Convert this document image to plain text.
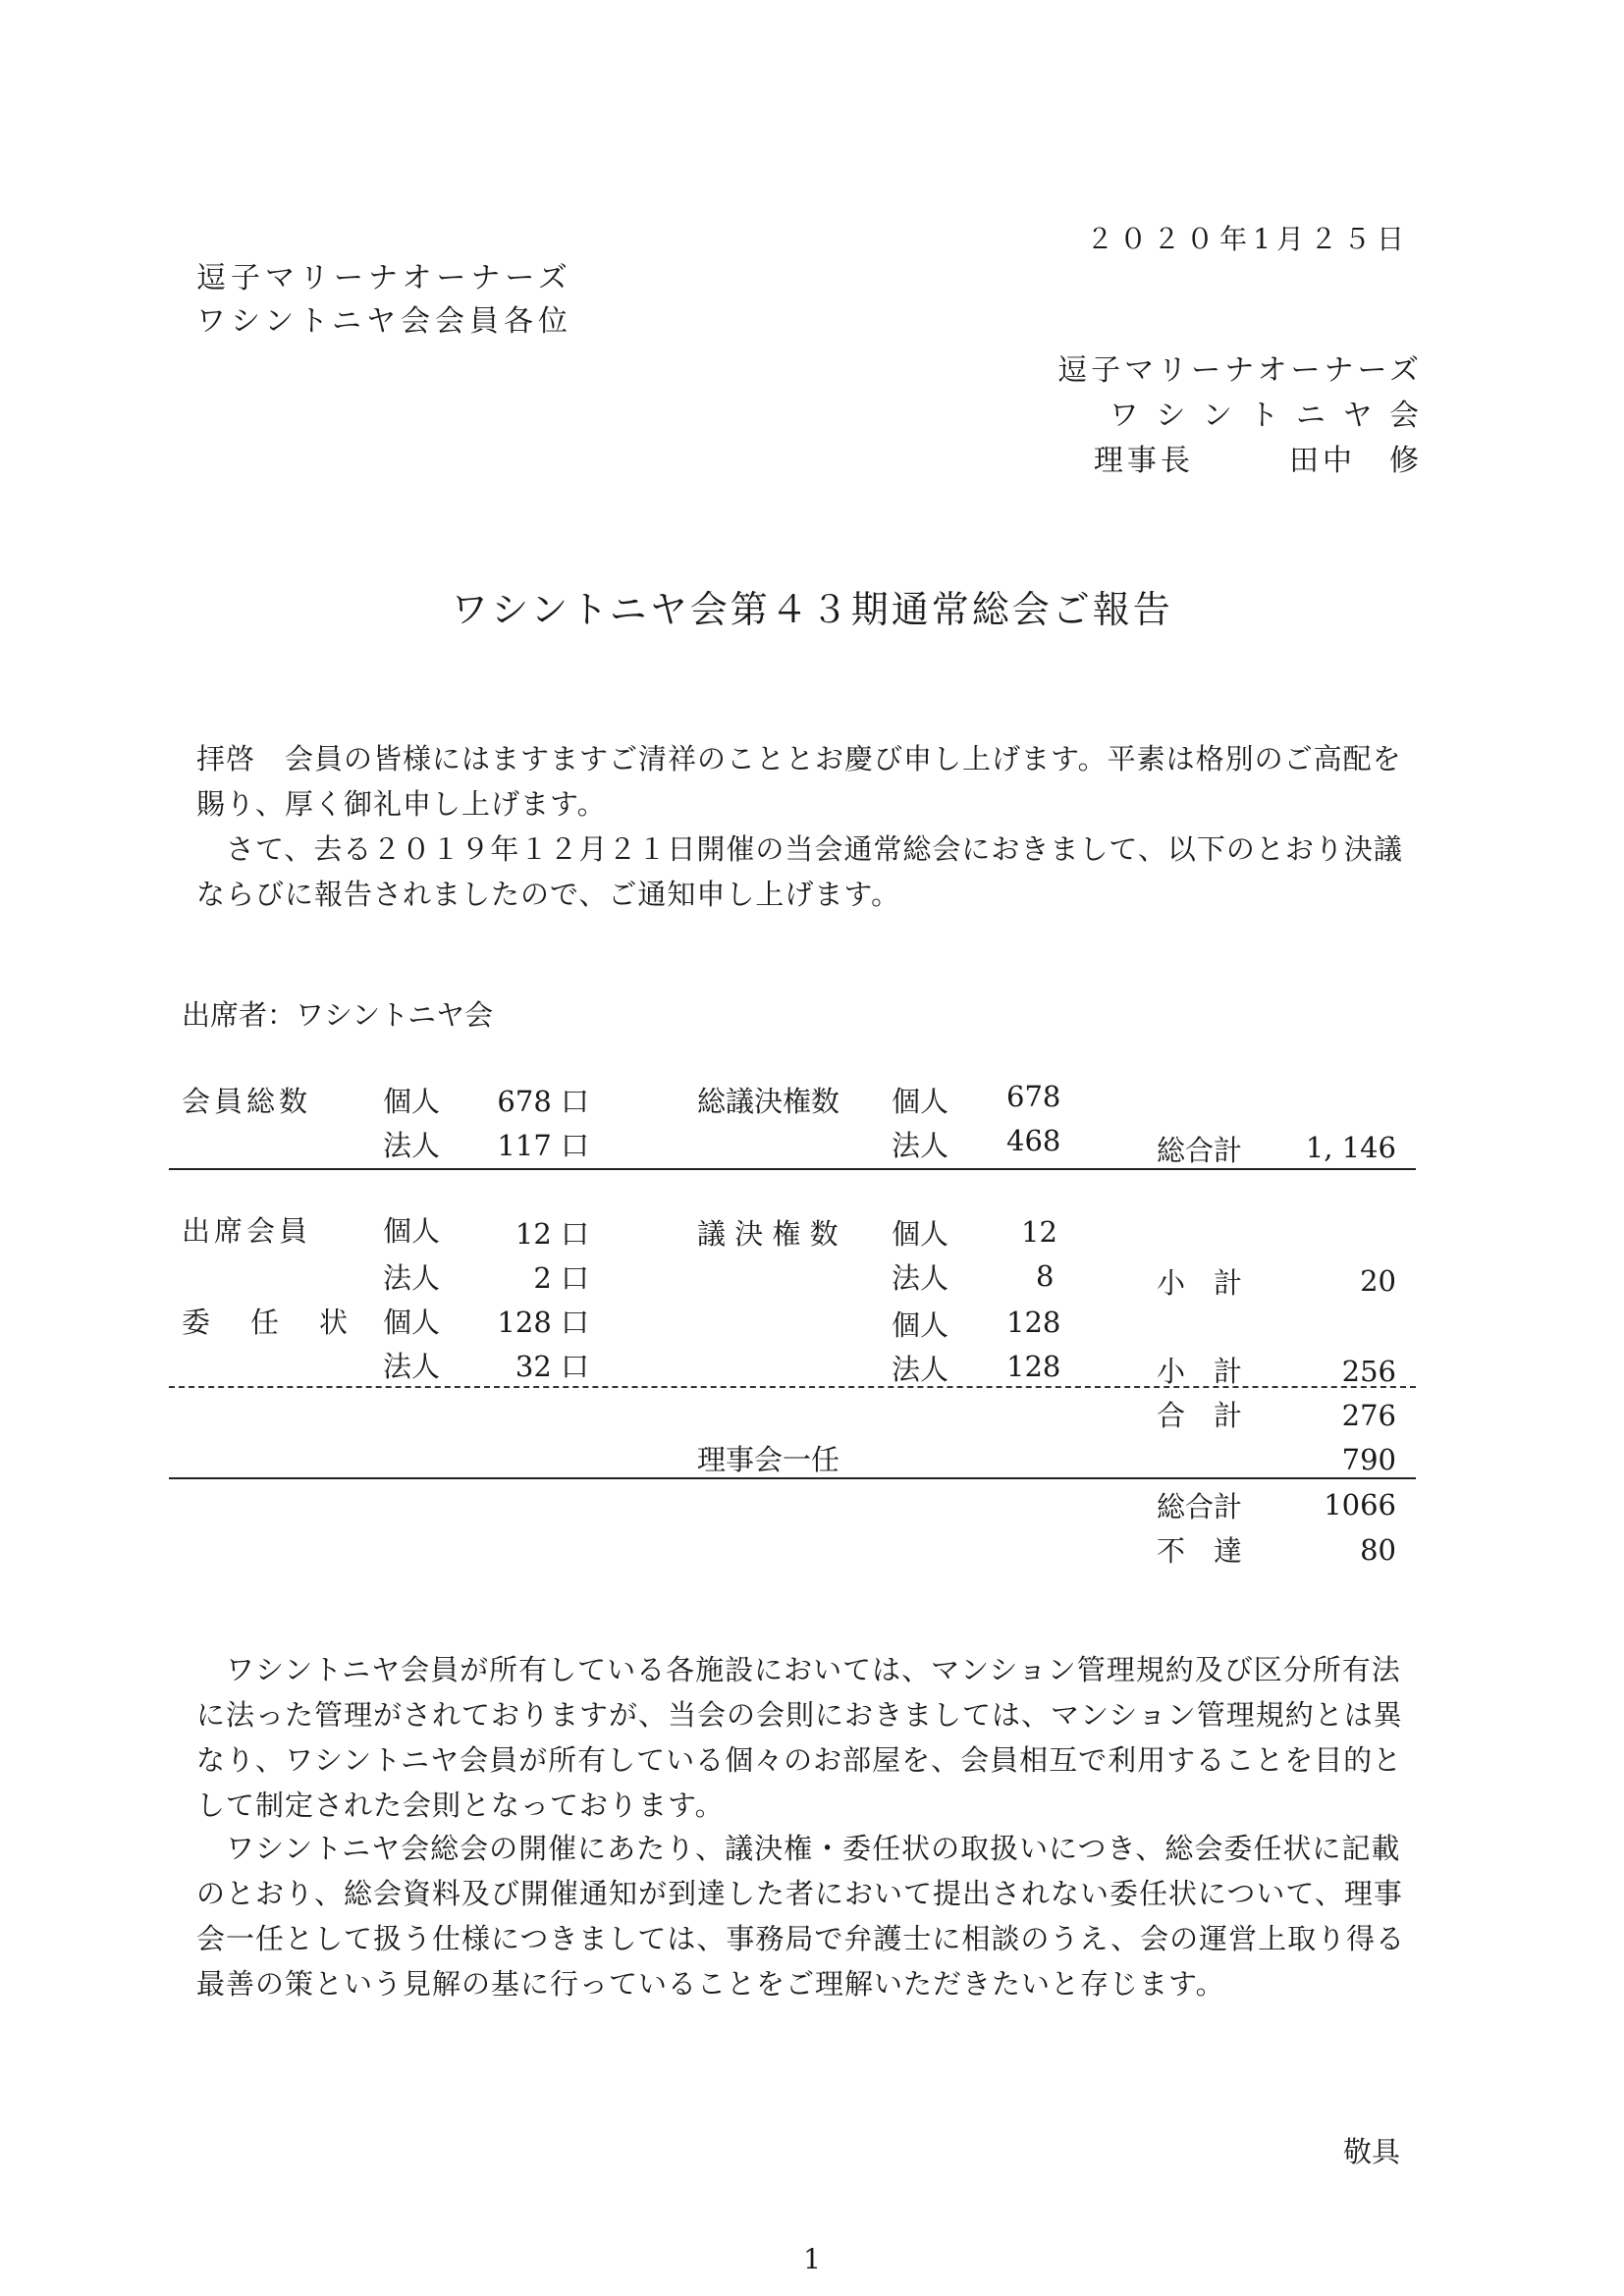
２０２０年1月２５日
逗子マリーナオーナーズ
ワシントニヤ会会員各位
逗子マリーナオーナーズ
ワ シ ン ト ニ ヤ 会
理事長	田中　修
ワシントニヤ会第４３期通常総会ご報告
拝啓　会員の皆様にはますますご清祥のこととお慶び申し上げます。平素は格別のご高配を賜り、厚く御礼申し上げます。
　さて、去る２０１９年１２月２１日開催の当会通常総会におきまして、以下のとおり決議ならびに報告されましたので、ご通知申し上げます。
出席者：ワシントニヤ会
会員総数	個人	678 口	総議決権数 個人 678
法人	117 口	法人 468	総合計	1, 146
出席会員	個人	12 口	議 決 権 数 個人	12
法人	2 口	法人	8	小　計	20
委　任　状 個人	128 口	個人 128
法人	32 口	法人 128	小　計	256
合　計	276
理事会一任	790
総合計	1066
不　達	80
　ワシントニヤ会員が所有している各施設においては、マンション管理規約及び区分所有法に法った管理がされておりますが、当会の会則におきましては、マンション管理規約とは異なり、ワシントニヤ会員が所有している個々のお部屋を、会員相互で利用することを目的として制定された会則となっております。
　ワシントニヤ会総会の開催にあたり、議決権・委任状の取扱いにつき、総会委任状に記載のとおり、総会資料及び開催通知が到達した者において提出されない委任状について、理事会一任として扱う仕様につきましては、事務局で弁護士に相談のうえ、会の運営上取り得る最善の策という見解の基に行っていることをご理解いただきたいと存じます。
敬具
1
